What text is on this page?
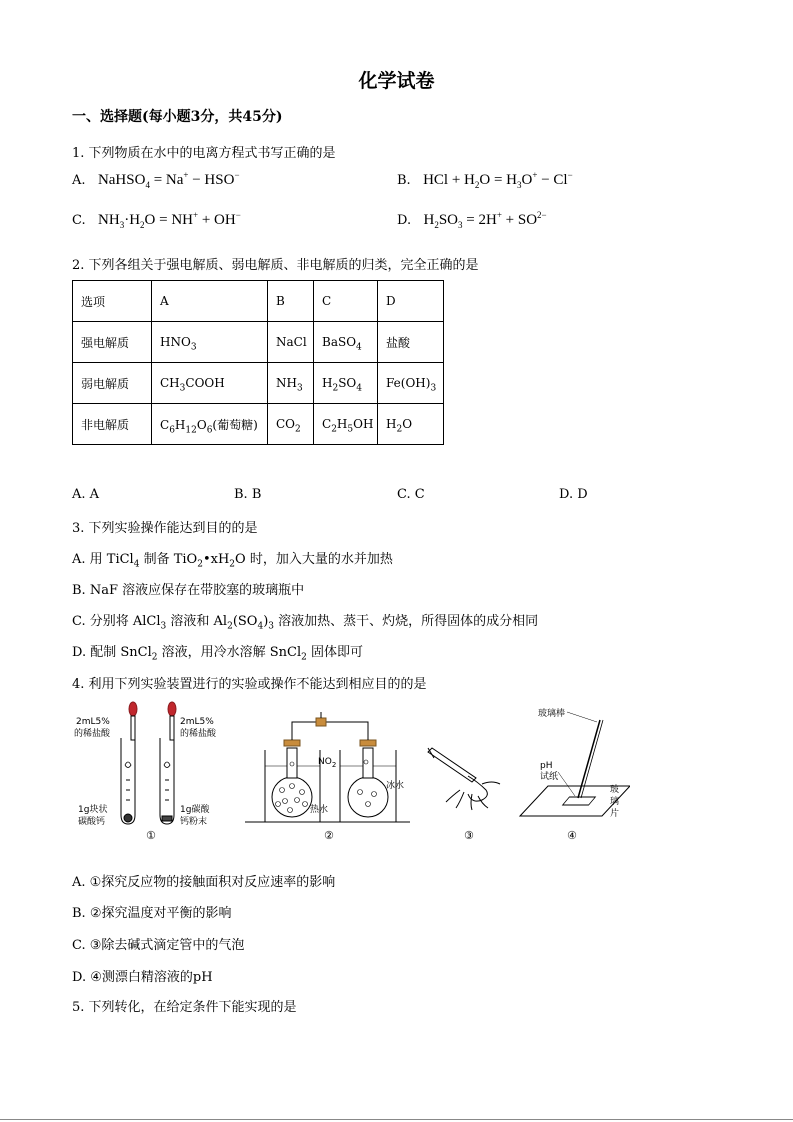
化学试卷
一、选择题(每小题3分，共45分)
1. 下列物质在水中的电离方程式书写正确的是
A. NaHSO$_4$ = Na+ − HSO−	B. HCl + $H_2O = H_3O^+ - Cl^-$
C. $NH_3\cdot H_2O = NH^+ + OH^-$	D. $H_2SO_3 = 2H^+ + SO^{2-}$
2. 下列各组关于强电解质、弱电解质、非电解质的归类，完全正确的是
选项	A	B	C	D
强电解质	$HNO_3$	NaCl	BaSO$_4$	盐酸
弱电解质	$CH_3COOH$	$NH_3$	$H_2SO_4$	$Fe(OH)_3$
非电解质	$C_6H_{12}O_6$(葡萄糖)	$CO_2$	$C_2H_5OH$	$H_2O$
A. A	B. B	C. C	D. D
3. 下列实验操作能达到目的的是
A. 用 TiCl$_4$ 制备 $TiO_2•xH_2O$ 时，加入大量的水并加热
B. NaF 溶液应保存在带胶塞的玻璃瓶中
C. 分别将 AlCl$_3$ 溶液和 $Al_2(SO_4)_3$ 溶液加热、蒸干、灼烧，所得固体的成分相同
D. 配制 SnCl$_2$ 溶液，用冷水溶解 SnCl$_2$ 固体即可
4. 利用下列实验装置进行的实验或操作不能达到相应目的的是
2mL5%
的稀盐酸
2mL5%
的稀盐酸
1g块状
碳酸钙
1g碳酸
钙粉末
①
$NO_2$
热水
冰水
②	③
玻璃棒
pH
试纸
玻
璃
片
④
A. ①探究反应物的接触面积对反应速率的影响
B. ②探究温度对平衡的影响
C. ③除去碱式滴定管中的气泡
D. ④测漂白精溶液的pH
5. 下列转化，在给定条件下能实现的是
